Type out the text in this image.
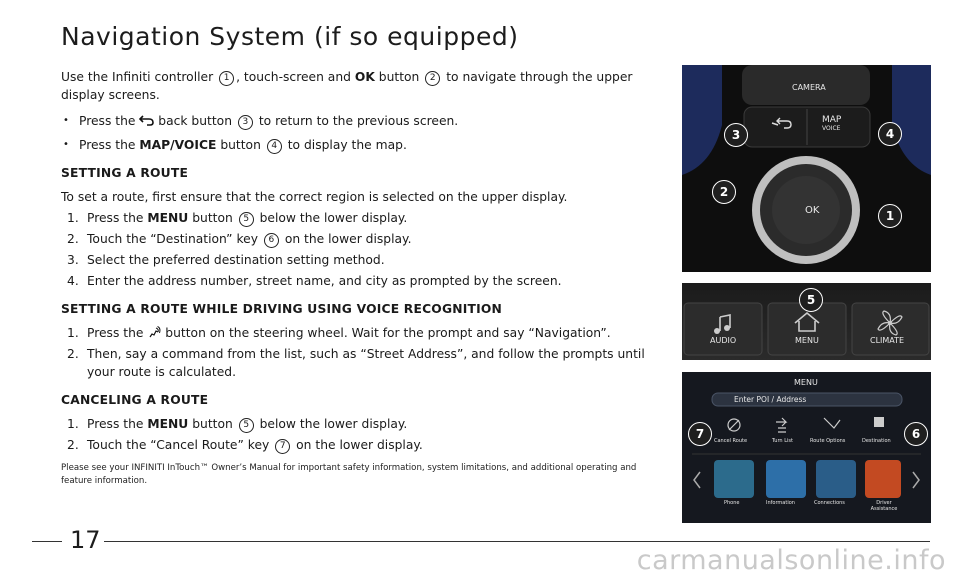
Navigation System (if so equipped)

Use the Infiniti controller 1 , touch-screen and OK button 2 to navigate through the upper display screens.

• Press the back button 3 to return to the previous screen.
• Press the MAP/VOICE button 4 to display the map.
SETTING A ROUTE

To set a route, first ensure that the correct region is selected on the upper display.

1. Press the MENU button 5 below the lower display.
2. Touch the “Destination” key 6 on the lower display.
3. Select the preferred destination setting method.
4. Enter the address number, street name, and city as prompted by the screen.
SETTING A ROUTE WHILE DRIVING USING VOICE RECOGNITION
1. Press the button on the steering wheel. Wait for the prompt and say “Navigation”.
2. Then, say a command from the list, such as “Street Address”, and follow the prompts until your route is calculated.
CANCELING A ROUTE
1. Press the MENU button 5 below the lower display.
2. Touch the “Cancel Route” key 7 on the lower display.
Please see your INFINITI InTouch™ Owner’s Manual for important safety information, system limitations, and additional operating and feature information.
CAMERA
MAP
VOICE
OK
3	4
2
1
AUDIO	MENU	CLIMATE
5
MENU
Enter POI / Address
Cancel Route	Turn List	Route Options	Destination
Phone	Information	Connections	Driver Assistance
7	6
17
carmanualsonline.info
